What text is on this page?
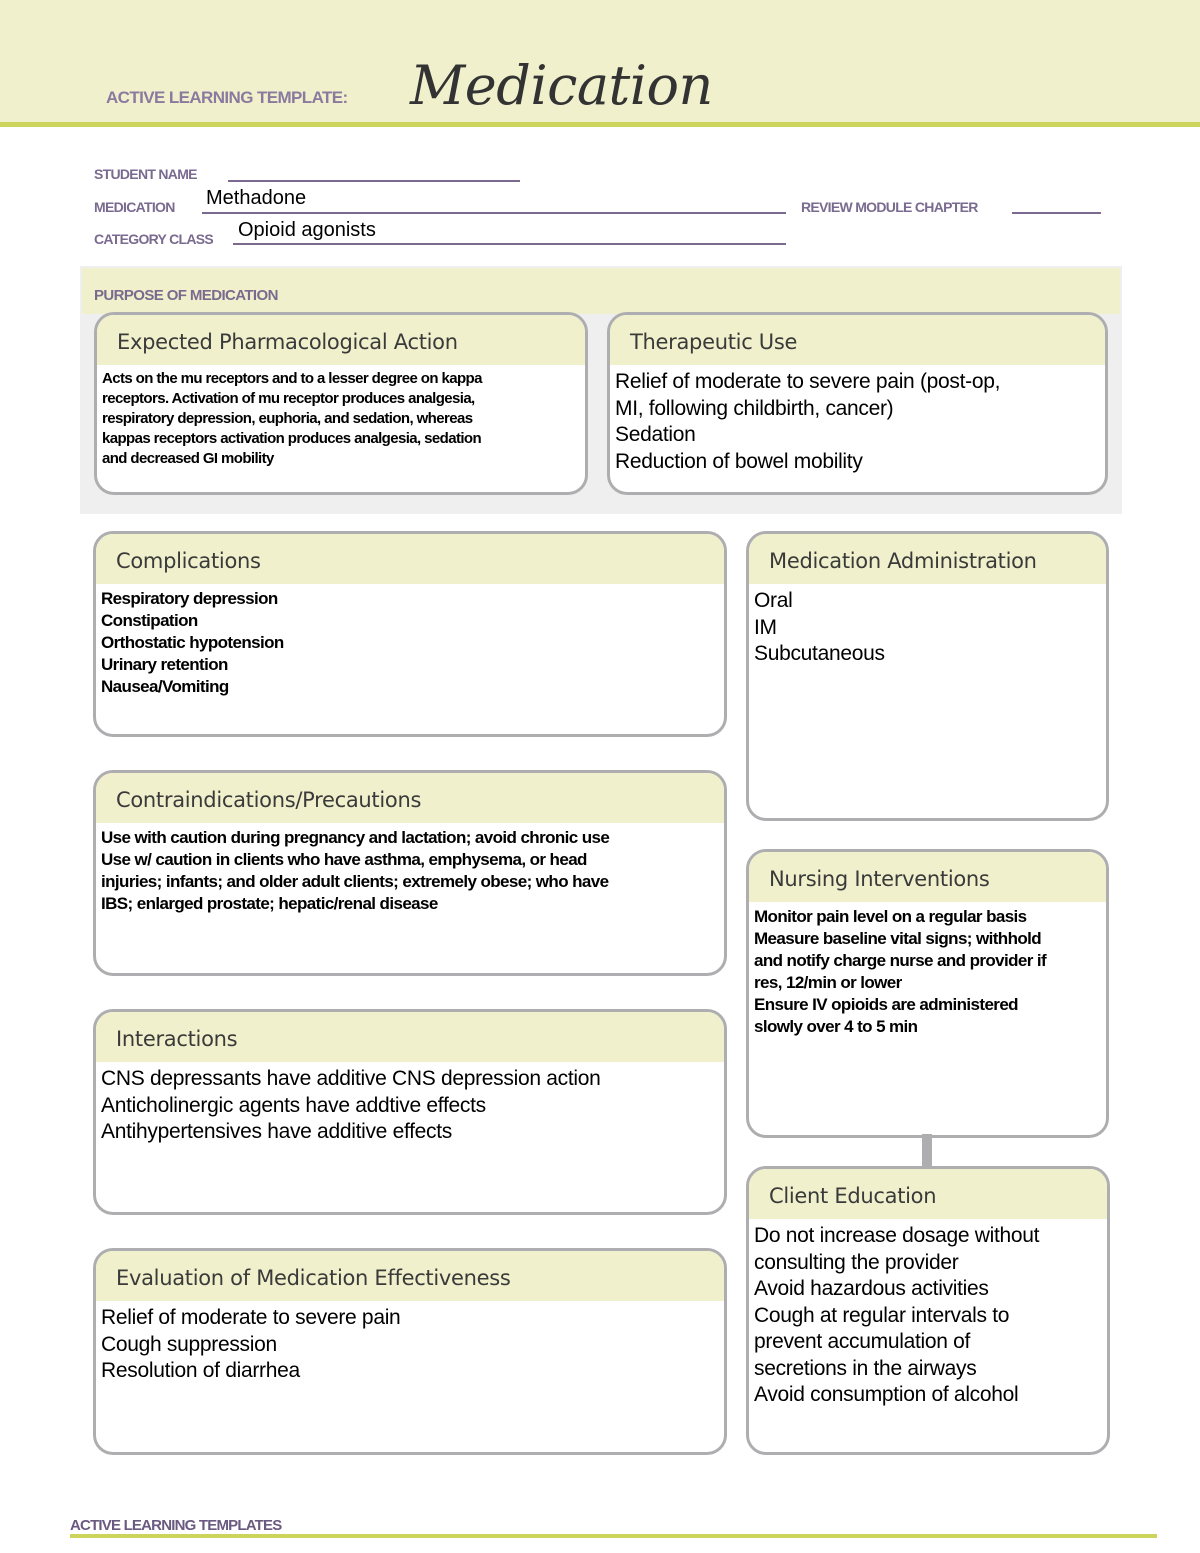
ACTIVE LEARNING TEMPLATE: Medication
STUDENT NAME
MEDICATION Methadone	REVIEW MODULE CHAPTER
CATEGORY CLASS Opioid agonists
PURPOSE OF MEDICATION
Expected Pharmacological Action
Acts on the mu receptors and to a lesser degree on kappa
receptors. Activation of mu receptor produces analgesia,
respiratory depression, euphoria, and sedation, whereas
kappas receptors activation produces analgesia, sedation
and decreased GI mobility
Therapeutic Use
Relief of moderate to severe pain (post-op,
MI, following childbirth, cancer)
Sedation
Reduction of bowel mobility
Complications
Respiratory depression
Constipation
Orthostatic hypotension
Urinary retention
Nausea/Vomiting
Medication Administration
Oral
IM
Subcutaneous
Contraindications/Precautions
Use with caution during pregnancy and lactation; avoid chronic use
Use w/ caution in clients who have asthma, emphysema, or head
injuries; infants; and older adult clients; extremely obese; who have
IBS; enlarged prostate; hepatic/renal disease
Nursing Interventions
Monitor pain level on a regular basis
Measure baseline vital signs; withhold
and notify charge nurse and provider if
res, 12/min or lower
Ensure IV opioids are administered
slowly over 4 to 5 min
Interactions
CNS depressants have additive CNS depression action
Anticholinergic agents have addtive effects
Antihypertensives have additive effects
Client Education
Do not increase dosage without
consulting the provider
Avoid hazardous activities
Cough at regular intervals to
prevent accumulation of
secretions in the airways
Avoid consumption of alcohol
Evaluation of Medication Effectiveness
Relief of moderate to severe pain
Cough suppression
Resolution of diarrhea
ACTIVE LEARNING TEMPLATES
